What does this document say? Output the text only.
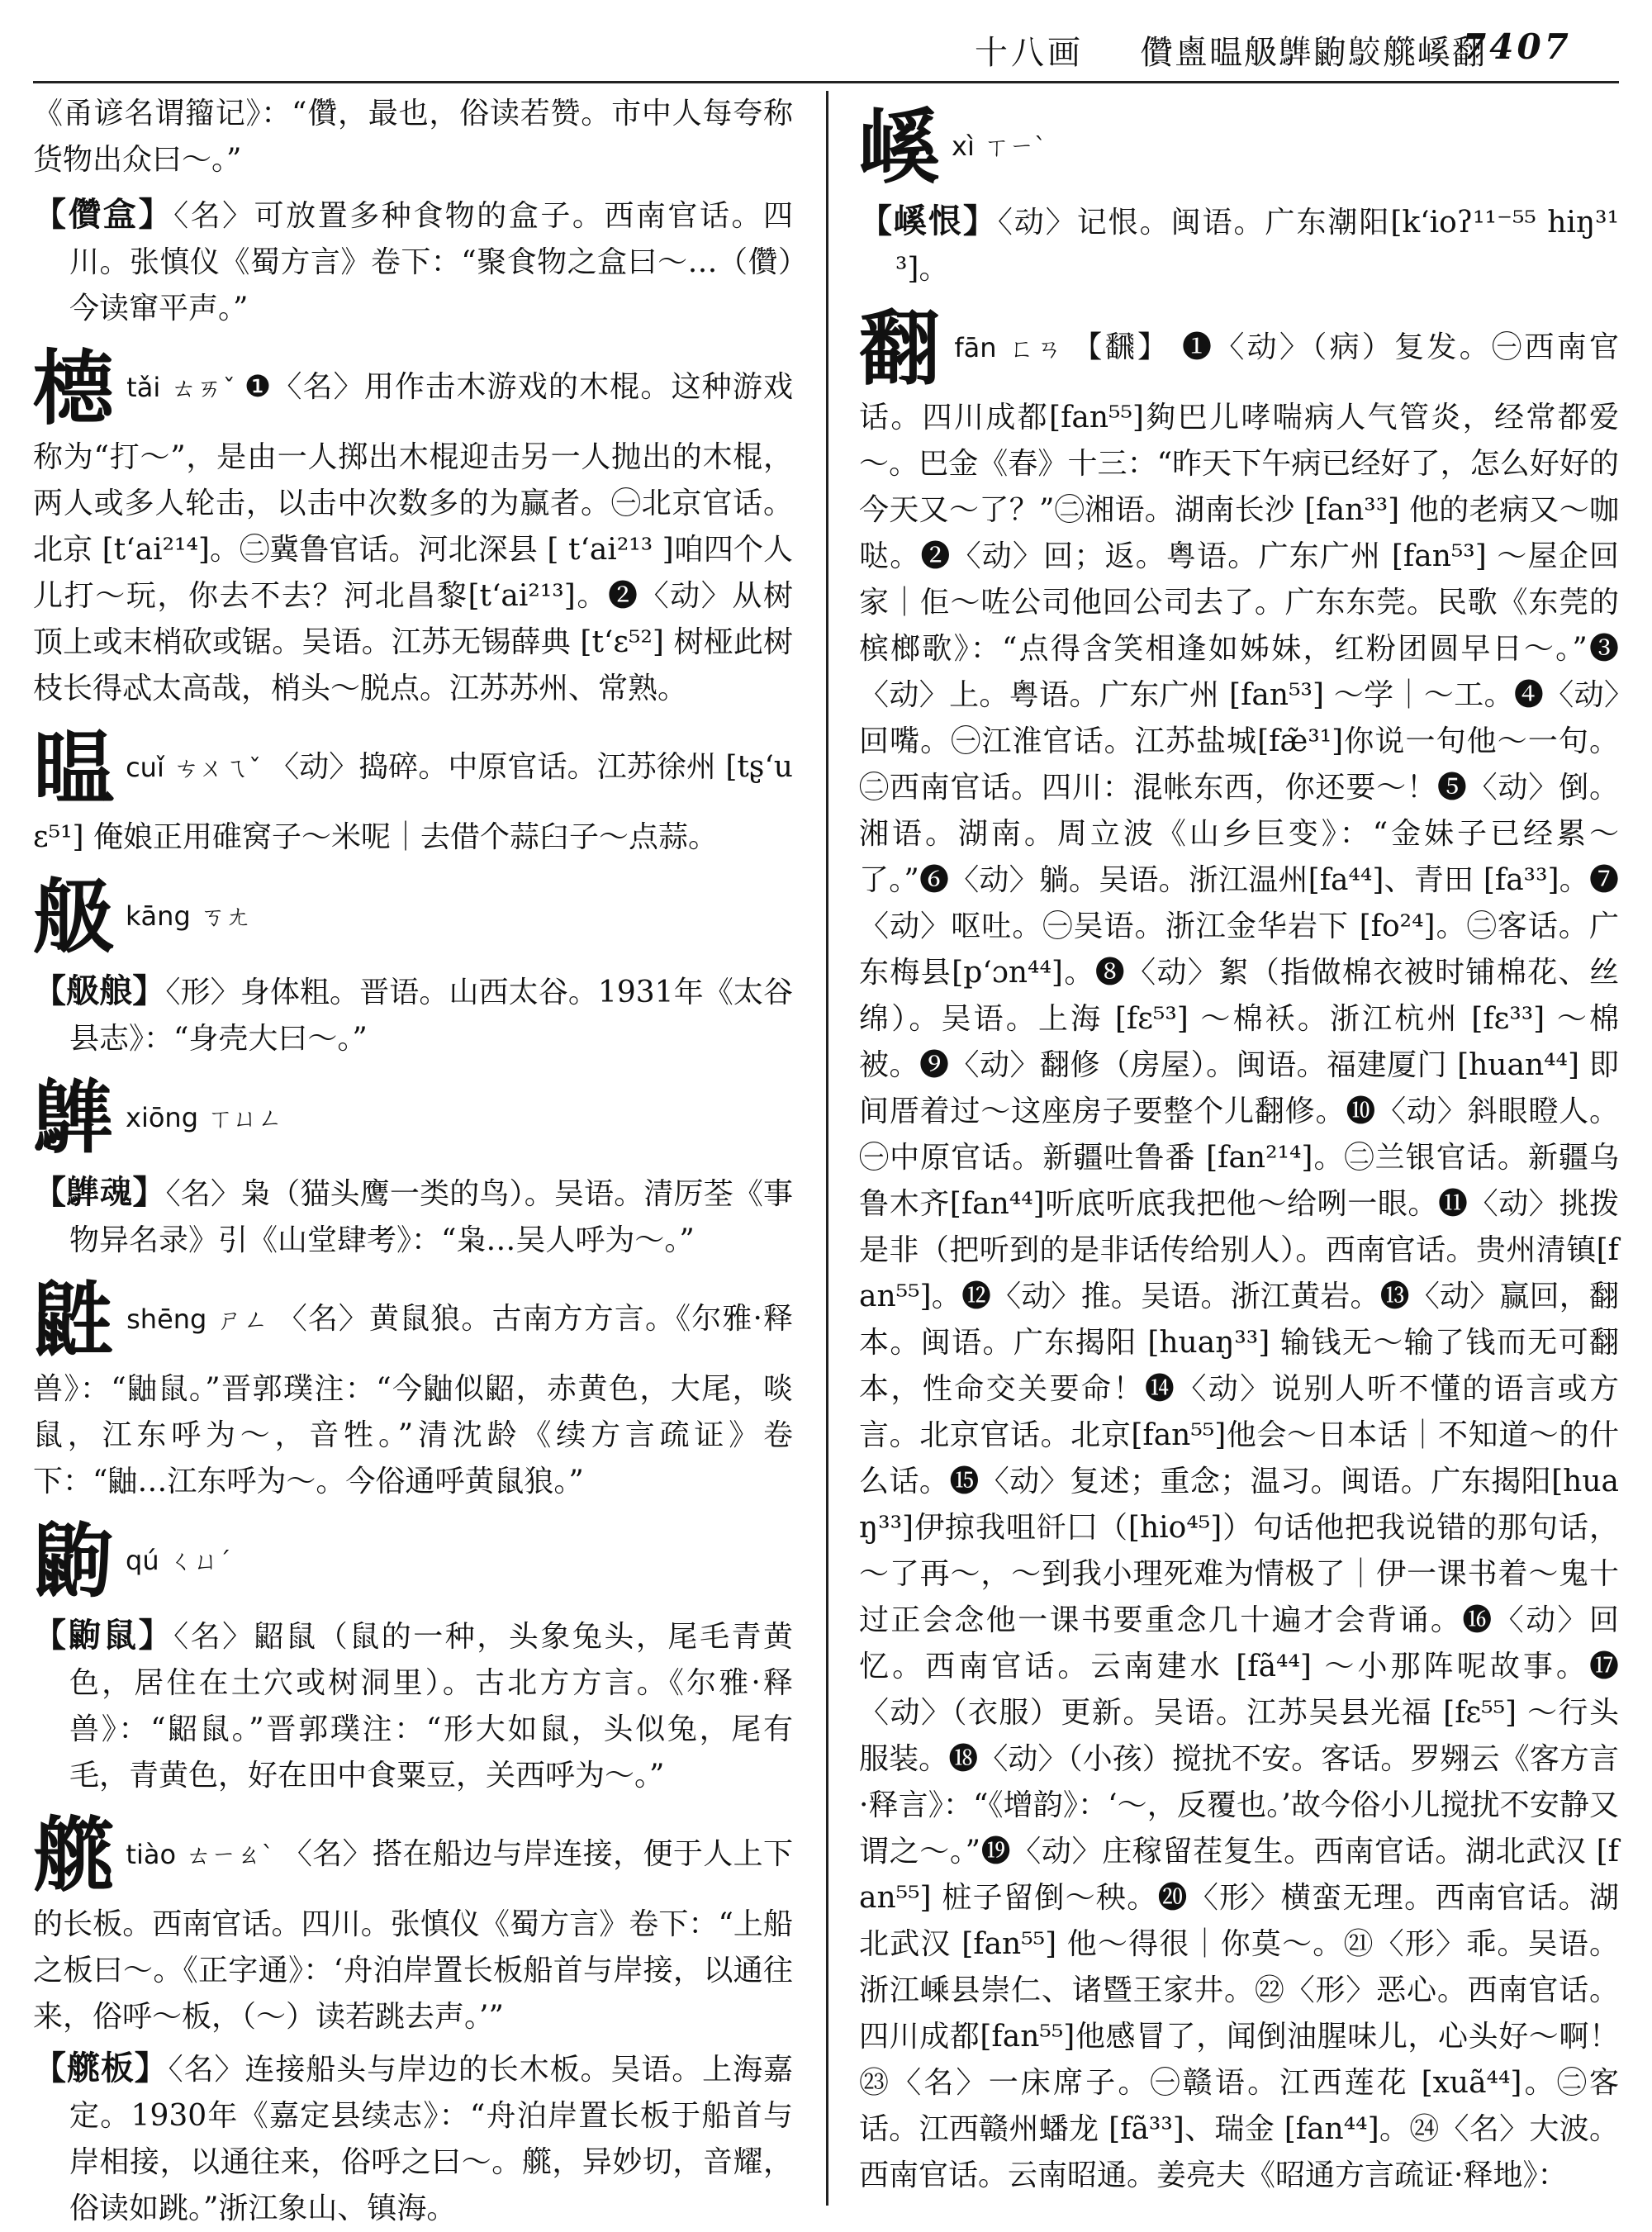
十八画 儹𪉟㬈䑥𪄩鼩𪁉艞嵠翻
7407

《甬谚名谓籀记》：“儹，最也，俗读若赞。市中人每夸称货物出众曰～。”

【儹盒】〈名〉可放置多种食物的盒子。西南官话。四川。张慎仪《蜀方言》卷下：“聚食物之盒曰～…（儹）今读窜平声。”

㯖tǎi ㄊㄞˇ ❶〈名〉用作击木游戏的木棍。这种游戏称为“打～”，是由一人掷出木棍迎击另一人抛出的木棍，两人或多人轮击，以击中次数多的为赢者。㊀北京官话。北京 [tʻai²¹⁴]。㊁冀鲁官话。河北深县 [ tʻai²¹³ ]咱四个人儿打～玩，你去不去？河北昌黎[tʻai²¹³]。❷〈动〉从树顶上或末梢砍或锯。吴语。江苏无锡薛典 [tʻɛ⁵²] 树桠此树枝长得忒太高哉，梢头～脱点。江苏苏州、常熟。

㬈cuǐ ㄘㄨㄟˇ 〈动〉捣碎。中原官话。江苏徐州 [tʂʻuɛ⁵¹] 俺娘正用碓窝子～米呢｜去借个蒜臼子～点蒜。

䑥kāng ㄎㄤ

【䑥艆】〈形〉身体粗。晋语。山西太谷。1931年《太谷县志》：“身壳大曰～。”

𪄩xiōng ㄒㄩㄥ

【𪄩魂】〈名〉枭（猫头鹰一类的鸟）。吴语。清厉荃《事物异名录》引《山堂肆考》：“枭…吴人呼为～。”

鼪shēng ㄕㄥ 〈名〉黄鼠狼。古南方方言。《尔雅·释兽》：“鼬鼠。”晋郭璞注：“今鼬似鼦，赤黄色，大尾，啖鼠，江东呼为～，音牲。”清沈龄《续方言疏证》卷下：“鼬…江东呼为～。今俗通呼黄鼠狼。”

鼩qú ㄑㄩˊ

【鼩鼠】〈名〉鼦鼠（鼠的一种，头象兔头，尾毛青黄色，居住在土穴或树洞里）。古北方方言。《尔雅·释兽》：“鼦鼠。”晋郭璞注：“形大如鼠，头似兔，尾有毛，青黄色，好在田中食粟豆，关西呼为～。”

艞tiào ㄊㄧㄠˋ 〈名〉搭在船边与岸连接，便于人上下的长板。西南官话。四川。张慎仪《蜀方言》卷下：“上船之板曰～。《正字通》：‘舟泊岸置长板船首与岸接，以通往来，俗呼～板，（～）读若跳去声。’”

【艞板】〈名〉连接船头与岸边的长木板。吴语。上海嘉定。1930年《嘉定县续志》：“舟泊岸置长板于船首与岸相接，以通往来，俗呼之曰～。艞，异妙切，音耀，俗读如跳。”浙江象山、镇海。

嵠xì ㄒㄧˋ

【嵠恨】〈动〉记恨。闽语。广东潮阳[kʻioʔ¹¹⁻⁵⁵ hiŋ³¹³]。

翻fān ㄈㄢ 【飜】 ❶〈动〉（病）复发。㊀西南官话。四川成都[fan⁵⁵]夠巴儿哮喘病人气管炎，经常都爱～。巴金《春》十三：“昨天下午病已经好了，怎么好好的今天又～了？”㊁湘语。湖南长沙 [fan³³] 他的老病又～咖哒。❷〈动〉回；返。粤语。广东广州 [fan⁵³] ～屋企回家｜佢～咗公司他回公司去了。广东东莞。民歌《东莞的槟榔歌》：“点得含笑相逢如姊妹，红粉团圆早日～。”❸〈动〉上。粤语。广东广州 [fan⁵³] ～学｜～工。❹〈动〉回嘴。㊀江淮官话。江苏盐城[fæ̃³¹]你说一句他～一句。㊁西南官话。四川：混帐东西，你还要～！❺〈动〉倒。湘语。湖南。周立波《山乡巨变》：“金妹子已经累～了。”❻〈动〉躺。吴语。浙江温州[fa⁴⁴]、青田 [fa³³]。❼〈动〉呕吐。㊀吴语。浙江金华岩下 [fo²⁴]。㊁客话。广东梅县[pʻɔn⁴⁴]。❽〈动〉絮（指做棉衣被时铺棉花、丝绵）。吴语。上海 [fɛ⁵³] ～棉袄。浙江杭州 [fɛ³³] ～棉被。❾〈动〉翻修（房屋）。闽语。福建厦门 [huan⁴⁴] 即间厝着过～这座房子要整个儿翻修。❿〈动〉斜眼瞪人。㊀中原官话。新疆吐鲁番 [fan²¹⁴]。㊁兰银官话。新疆乌鲁木齐[fan⁴⁴]听底听底我把他～给咧一眼。⓫〈动〉挑拨是非（把听到的是非话传给别人）。西南官话。贵州清镇[fan⁵⁵]。⓬〈动〉推。吴语。浙江黄岩。⓭〈动〉赢回，翻本。闽语。广东揭阳 [huaŋ³³] 输钱无～输了钱而无可翻本，性命交关要命！⓮〈动〉说别人听不懂的语言或方言。北京官话。北京[fan⁵⁵]他会～日本话｜不知道～的什么话。⓯〈动〉复述；重念；温习。闽语。广东揭阳[huaŋ³³]伊掠我咀𧮮囗（[hio⁴⁵]）句话他把我说错的那句话，～了再～，～到我小理死难为情极了｜伊一课书着～鬼十过正会念他一课书要重念几十遍才会背诵。⓰〈动〉回忆。西南官话。云南建水 [fã⁴⁴] ～小那阵呢故事。⓱〈动〉（衣服）更新。吴语。江苏吴县光福 [fɛ⁵⁵] ～行头服装。⓲〈动〉（小孩）搅扰不安。客话。罗翙云《客方言·释言》：“《增韵》：‘～，反覆也。’故今俗小儿搅扰不安静又谓之～。”⓳〈动〉庄稼留茬复生。西南官话。湖北武汉 [fan⁵⁵] 桩子留倒～秧。⓴〈形〉横蛮无理。西南官话。湖北武汉 [fan⁵⁵] 他～得很｜你莫～。㉑〈形〉乖。吴语。浙江嵊县崇仁、诸暨王家井。㉒〈形〉恶心。西南官话。四川成都[fan⁵⁵]他感冒了，闻倒油腥味儿，心头好～啊！㉓〈名〉一床席子。㊀赣语。江西莲花 [xuã⁴⁴]。㊁客话。江西赣州蟠龙 [fã³³]、瑞金 [fan⁴⁴]。㉔〈名〉大波。西南官话。云南昭通。姜亮夫《昭通方言疏证·释地》：
